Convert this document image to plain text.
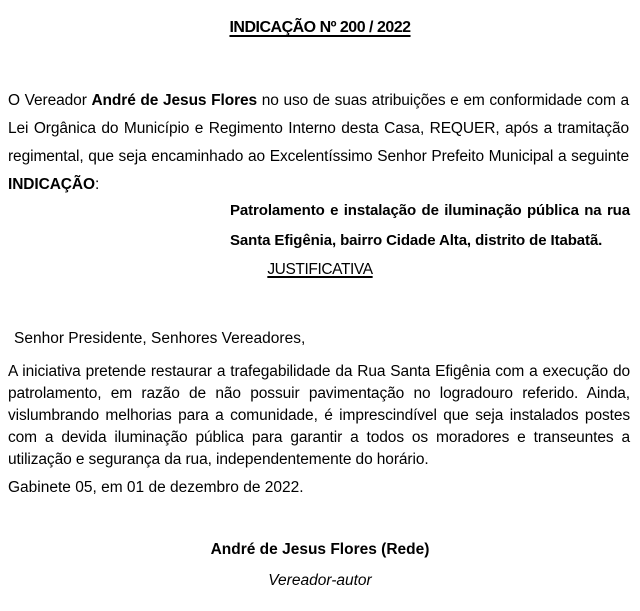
INDICAÇÃO Nº 200 / 2022

O Vereador André de Jesus Flores no uso de suas atribuições e em conformidade com a Lei Orgânica do Município e Regimento Interno desta Casa, REQUER, após a tramitação regimental, que seja encaminhado ao Excelentíssimo Senhor Prefeito Municipal a seguinte INDICAÇÃO:

Patrolamento e instalação de iluminação pública na rua Santa Efigênia, bairro Cidade Alta, distrito de Itabatã.

JUSTIFICATIVA

Senhor Presidente, Senhores Vereadores,

A iniciativa pretende restaurar a trafegabilidade da Rua Santa Efigênia com a execução do patrolamento, em razão de não possuir pavimentação no logradouro referido. Ainda, vislumbrando melhorias para a comunidade, é imprescindível que seja instalados postes com a devida iluminação pública para garantir a todos os moradores e transeuntes a utilização e segurança da rua, independentemente do horário.

Gabinete 05, em 01 de dezembro de 2022.

André de Jesus Flores (Rede)
Vereador-autor
